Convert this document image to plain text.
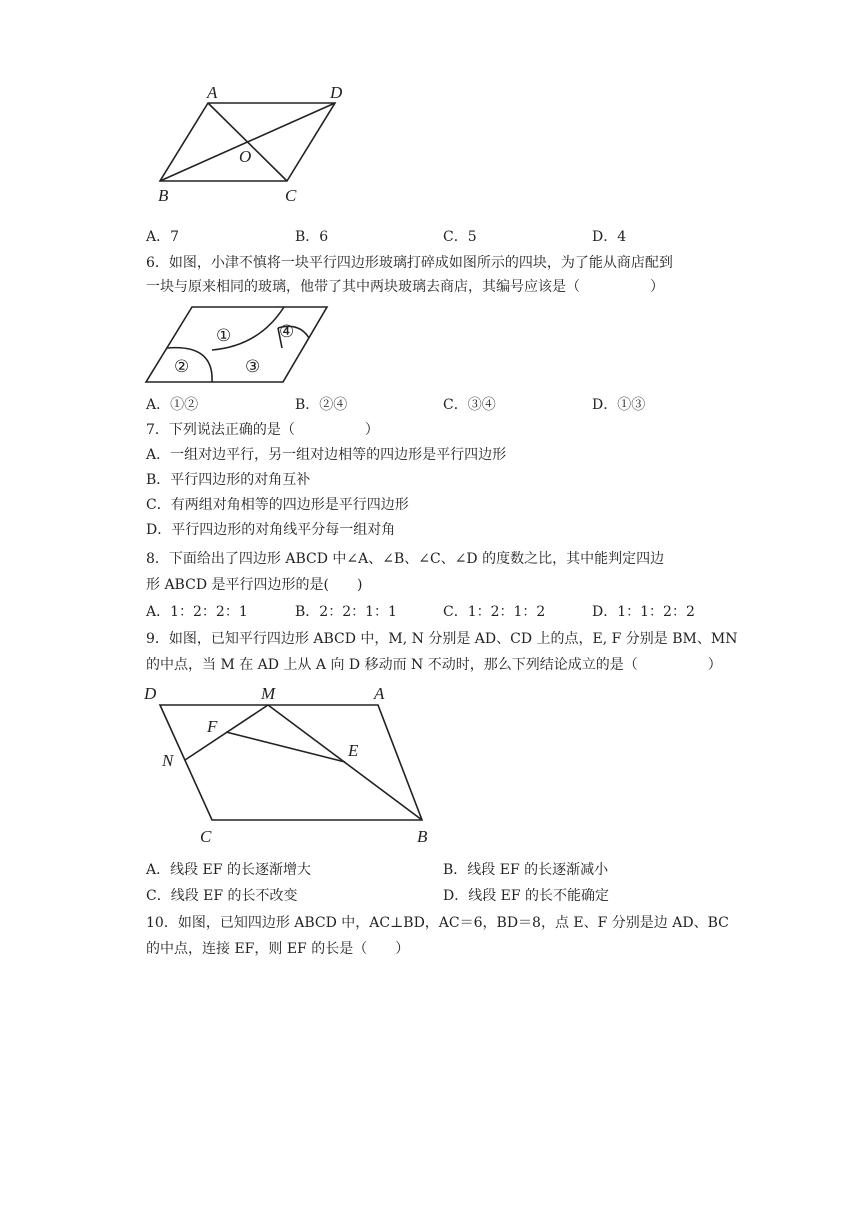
A	D
O
B	C
A．7	B．6	C．5	D．4
6．如图，小津不慎将一块平行四边形玻璃打碎成如图所示的四块，为了能从商店配到
一块与原来相同的玻璃，他带了其中两块玻璃去商店，其编号应该是（　　　　　）
①
②	③
④
A．①②	B．②④	C．③④	D．①③
7．下列说法正确的是（　　　　　）
A．一组对边平行，另一组对边相等的四边形是平行四边形
B．平行四边形的对角互补
C．有两组对角相等的四边形是平行四边形
D．平行四边形的对角线平分每一组对角
8．下面给出了四边形 ABCD 中∠A、∠B、∠C、∠D 的度数之比，其中能判定四边
形 ABCD 是平行四边形的是(　　)
A．1：2：2：1	B．2：2：1：1	C．1：2：1：2	D．1：1：2：2
9．如图，已知平行四边形 ABCD 中，M, N 分别是 AD、CD 上的点，E, F 分别是 BM、MN
的中点，当 M 在 AD 上从 A 向 D 移动而 N 不动时，那么下列结论成立的是（　　　　　）
D	M	A
F
E
N
C	B
A．线段 EF 的长逐渐增大	B．线段 EF 的长逐渐减小
C．线段 EF 的长不改变	D．线段 EF 的长不能确定
10．如图，已知四边形 ABCD 中，AC⊥BD，AC＝6，BD＝8，点 E、F 分别是边 AD、BC
的中点，连接 EF，则 EF 的长是（　　）
